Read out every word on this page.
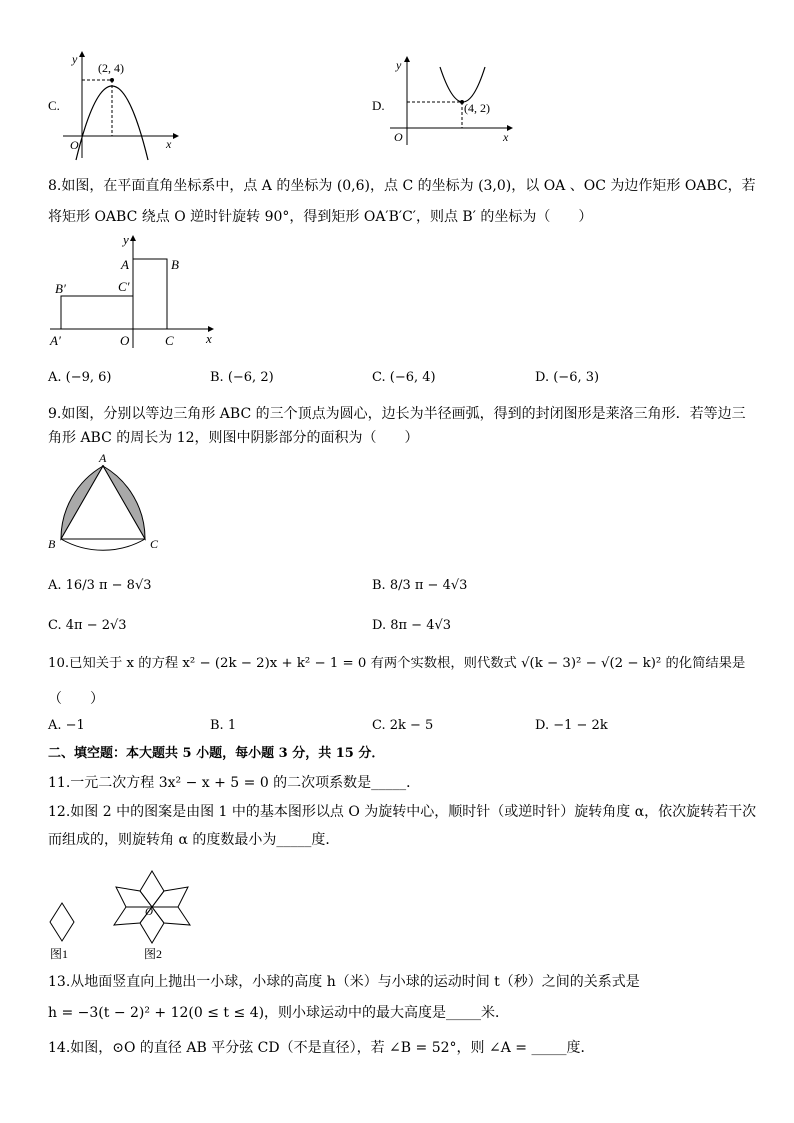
C.
y
x
O
(2, 4)
D.
y
x
O
(4, 2)
8.如图，在平面直角坐标系中，点 A 的坐标为 (0,6)，点 C 的坐标为 (3,0)，以 OA 、OC 为边作矩形 OABC，若
将矩形 OABC 绕点 O 逆时针旋转 90°，得到矩形 OA′B′C′，则点 B′ 的坐标为（　　）
y
x
A	B
B′	C′
A′	O	C
A. (−9, 6)	B. (−6, 2)	C. (−6, 4)	D. (−6, 3)
9.如图，分别以等边三角形 ABC 的三个顶点为圆心，边长为半径画弧，得到的封闭图形是莱洛三角形．若等边三
角形 ABC 的周长为 12，则图中阴影部分的面积为（　　）
A
B	C
A. 16/3 π − 8√3	B. 8/3 π − 4√3
C. 4π − 2√3	D. 8π − 4√3
10.已知关于 x 的方程 x² − (2k − 2)x + k² − 1 = 0 有两个实数根，则代数式 √(k − 3)² − √(2 − k)² 的化简结果是
（　　）
A. −1	B. 1	C. 2k − 5	D. −1 − 2k
二、填空题：本大题共 5 小题，每小题 3 分，共 15 分．
11.一元二次方程 3x² − x + 5 = 0 的二次项系数是_____．
12.如图 2 中的图案是由图 1 中的基本图形以点 O 为旋转中心，顺时针（或逆时针）旋转角度 α，依次旋转若干次
而组成的，则旋转角 α 的度数最小为_____度．
图1
O
图2
13.从地面竖直向上抛出一小球，小球的高度 h（米）与小球的运动时间 t（秒）之间的关系式是
h = −3(t − 2)² + 12(0 ≤ t ≤ 4)，则小球运动中的最大高度是_____米．
14.如图，⊙O 的直径 AB 平分弦 CD（不是直径），若 ∠B = 52°，则 ∠A = _____度．
